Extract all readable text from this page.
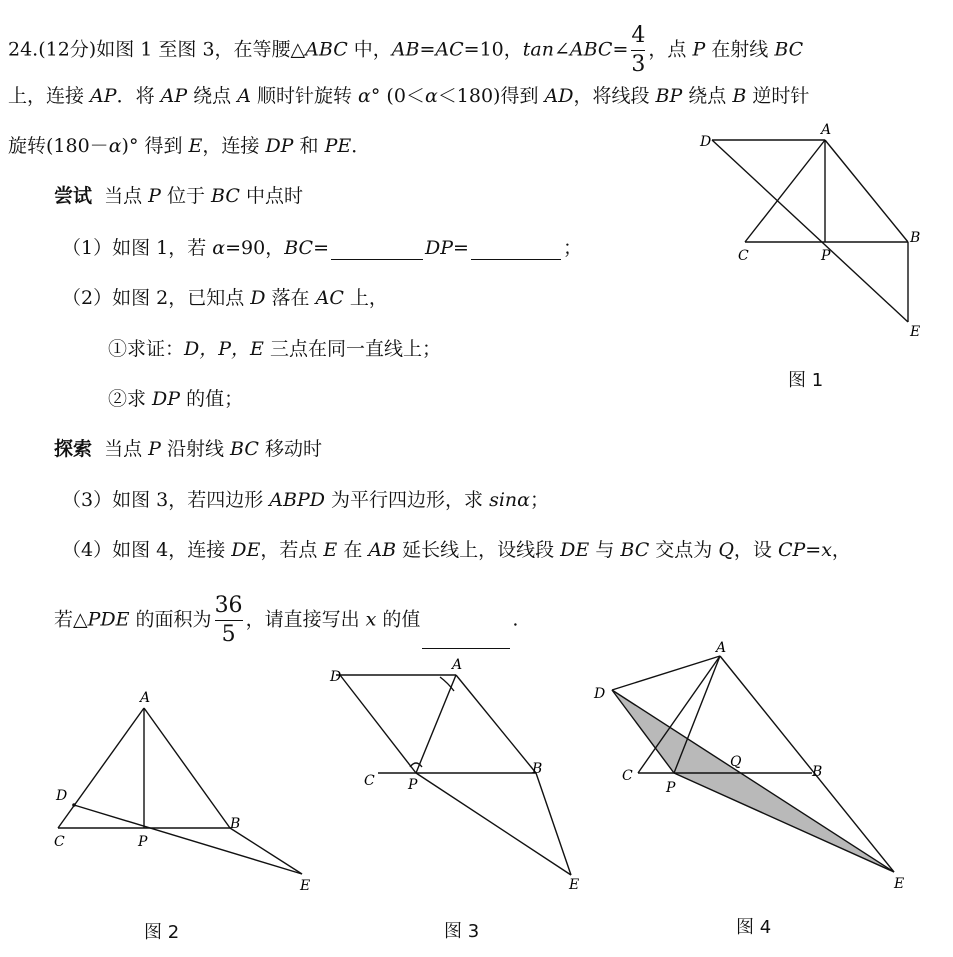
24.(12分)如图 1 至图 3，在等腰△ABC 中，AB=AC=10，tan∠ABC= $\frac{4}{3}$ ，点 P 在射线 BC
上，连接 AP．将 AP 绕点 A 顺时针旋转 α° (0＜α＜180)得到 AD，将线段 BP 绕点 B 逆时针
旋转(180－α)° 得到 E，连接 DP 和 PE．
尝试 当点 P 位于 BC 中点时
（1）如图 1，若 α=90，BC=	DP=	；
（2）如图 2，已知点 D 落在 AC 上，
①求证：D，P，E 三点在同一直线上；
②求 DP 的值；
探索 当点 P 沿射线 BC 移动时
（3）如图 3，若四边形 ABPD 为平行四边形，求 sinα；
（4）如图 4，连接 DE，若点 E 在 AB 延长线上，设线段 DE 与 BC 交点为 Q，设 CP=x，
若△PDE 的面积为 $\frac{36}{5}$ ，请直接写出 x 的值	.
D
A
C	P
B
E
图 1
A
D
C	P
B
E
图 2
D
A
C P
B
E
图 3
A
D
C
P
Q
B
E
图 4
